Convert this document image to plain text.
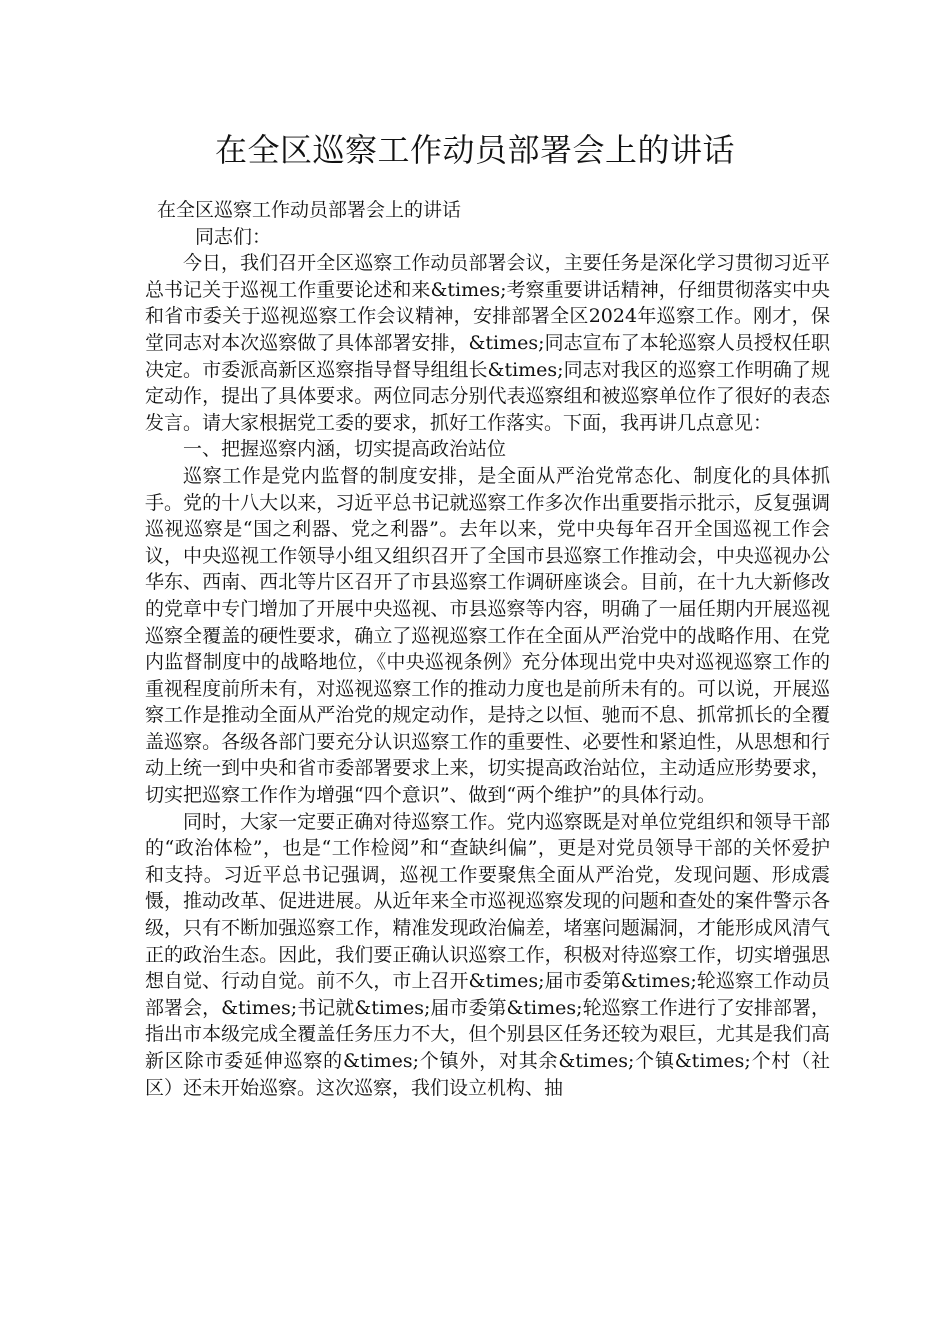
在全区巡察工作动员部署会上的讲话

在全区巡察工作动员部署会上的讲话

同志们：

今日，我们召开全区巡察工作动员部署会议，主要任务是深化学习贯彻习近平总书记关于巡视工作重要论述和来&times;考察重要讲话精神，仔细贯彻落实中央和省市委关于巡视巡察工作会议精神，安排部署全区2024年巡察工作。刚才，保堂同志对本次巡察做了具体部署安排，&times;同志宣布了本轮巡察人员授权任职决定。市委派高新区巡察指导督导组组长&times;同志对我区的巡察工作明确了规定动作，提出了具体要求。两位同志分别代表巡察组和被巡察单位作了很好的表态发言。请大家根据党工委的要求，抓好工作落实。下面，我再讲几点意见：

一、把握巡察内涵，切实提高政治站位

巡察工作是党内监督的制度安排，是全面从严治党常态化、制度化的具体抓手。党的十八大以来，习近平总书记就巡察工作多次作出重要指示批示，反复强调巡视巡察是“国之利器、党之利器”。去年以来，党中央每年召开全国巡视工作会议，中央巡视工作领导小组又组织召开了全国市县巡察工作推动会，中央巡视办公华东、西南、西北等片区召开了市县巡察工作调研座谈会。目前，在十九大新修改的党章中专门增加了开展中央巡视、市县巡察等内容，明确了一届任期内开展巡视巡察全覆盖的硬性要求，确立了巡视巡察工作在全面从严治党中的战略作用、在党内监督制度中的战略地位，《中央巡视条例》充分体现出党中央对巡视巡察工作的重视程度前所未有，对巡视巡察工作的推动力度也是前所未有的。可以说，开展巡察工作是推动全面从严治党的规定动作，是持之以恒、驰而不息、抓常抓长的全覆盖巡察。各级各部门要充分认识巡察工作的重要性、必要性和紧迫性，从思想和行动上统一到中央和省市委部署要求上来，切实提高政治站位，主动适应形势要求，切实把巡察工作作为增强“四个意识”、做到“两个维护”的具体行动。

同时，大家一定要正确对待巡察工作。党内巡察既是对单位党组织和领导干部的“政治体检”，也是“工作检阅”和“查缺纠偏”，更是对党员领导干部的关怀爱护和支持。习近平总书记强调，巡视工作要聚焦全面从严治党，发现问题、形成震慑，推动改革、促进进展。从近年来全市巡视巡察发现的问题和查处的案件警示各级，只有不断加强巡察工作，精准发现政治偏差，堵塞问题漏洞，才能形成风清气正的政治生态。因此，我们要正确认识巡察工作，积极对待巡察工作，切实增强思想自觉、行动自觉。前不久，市上召开&times;届市委第&times;轮巡察工作动员部署会，&times;书记就&times;届市委第&times;轮巡察工作进行了安排部署，指出市本级完成全覆盖任务压力不大，但个别县区任务还较为艰巨，尤其是我们高新区除市委延伸巡察的&times;个镇外，对其余&times;个镇&times;个村（社区）还未开始巡察。这次巡察，我们设立机构、抽
